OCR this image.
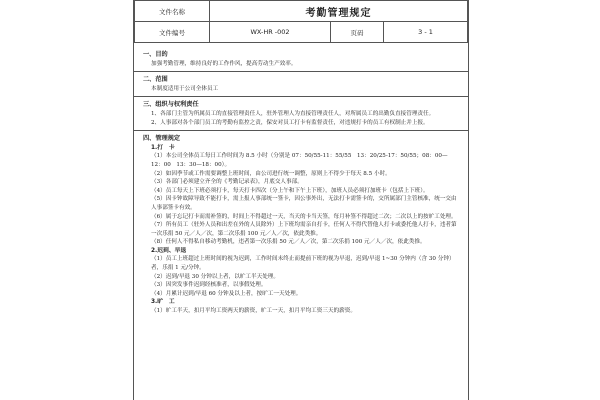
文件名称	考勤管理规定		
文件编号	WX-HR -002	页码	3 - 1
一、目的
加强考勤管理，维持良好的工作作风，提高劳动生产效率。
二、范围
本制度适用于公司全体员工
三、组织与权利责任
1、各部门主管为所属员工的直接管理责任人，驻外管理人为直接管理责任人，对所属员工的出勤负直接管理责任。
2、人事部对各个部门员工的考勤有监控之责，保安对员工打卡有监督责任，对违规打卡的员工有权制止并上报。
四、管理规定
1.打　卡
（1）本公司全体员工每日工作时间为 8.5 小时（分别是 07：50/55-11：55/55　13：20/25-17：50/55；08：00—12：00　13：30—18：00）。
（2）如因季节或工作需要调整上班时间，由公司进行统一调整，原则上不得少于每天 8.5 小时。
（3）各部门必须建立齐全的《考勤记录表》，月底交人事部。
（4）员工每天上下班必须打卡，每天打卡四次（分上午和下午上下班），加班人员必须打加班卡（包括上下班）。
（5）因卡钟故障导致不能打卡，需上报人事部统一签卡，因公事外出，无法打卡需签卡的，交所属部门主管核准，统一交由人事部签卡有效。
（6）属于忘记打卡而需补签的，时间上不得超过一天，当天的卡当天签，每月补签不得超过二次；二次以上的按旷工处理。
（7）所有员工（驻外人员和出差在外的人员除外）上下班均需亲自打卡，任何人不得代替他人打卡或委托他人打卡，违者第一次乐捐 50 元／人／次，第二次乐捐 100 元／人／次，依此类推。
（8）任何人不得私自移动考勤机，违者第一次乐捐 50 元／人／次，第二次乐捐 100 元／人／次，依此类推。
2.迟到、早退
（1）员工上班超过上班时间的视为迟到，工作时间未终止而提前下班的视为早退，迟到/早退 1~30 分钟内（含 30 分钟）者，乐捐 1 元/分钟。
（2）迟到/早退 30 分钟以上者，以旷工半天处理。
（3）因突发事件迟到经核准者，以事假处理。
（4）月累计迟到/早退 60 分钟及以上者，按旷工一天处理。
3.旷　工
（1）旷工半天，扣月平均工资两天的薪资，旷工一天，扣月平均工资三天的薪资。
